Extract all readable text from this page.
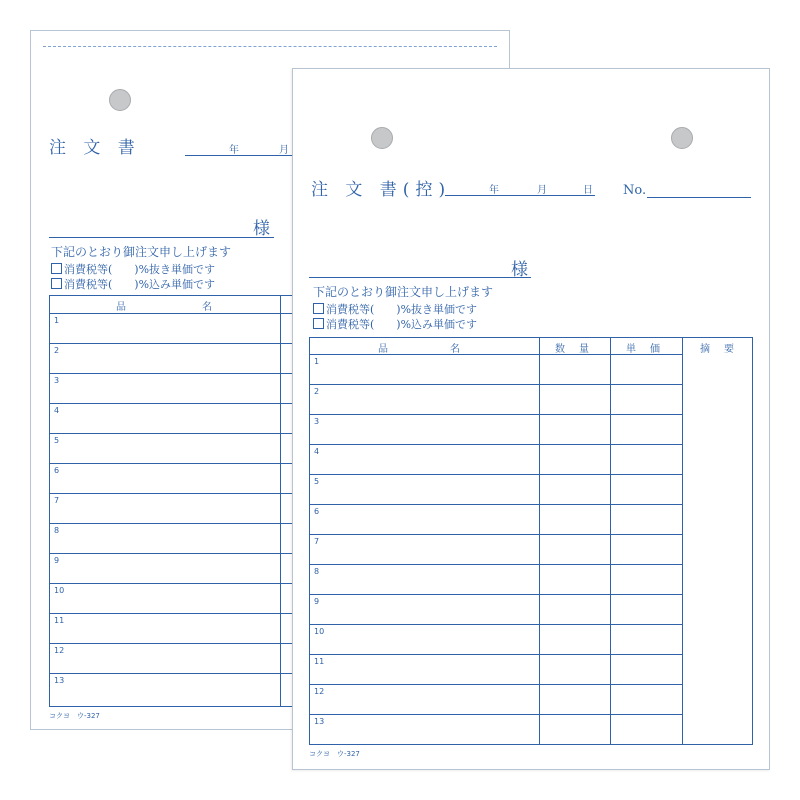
注 文 書	年	月
様
下記のとおり御注文申し上げます
消費税等(　　)%抜き単価です
消費税等(　　)%込み単価です
品	名
1
2
3
4
5
6
7
8
9
10
11
12
13
コクヨ　ウ-327
注 文 書(控)	年	月	日 No.
様
下記のとおり御注文申し上げます
消費税等(　　)%抜き単価です
消費税等(　　)%込み単価です
品　　　　　名	数　量	単　価	摘　要
1
2
3
4
5
6
7
8
9
10
11
12
13
コクヨ　ウ-327
